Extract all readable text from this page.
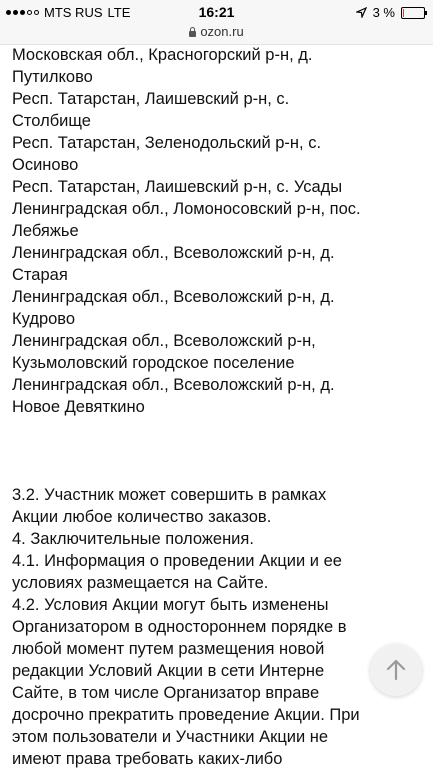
MTS RUS LTE	16:21	3 %
ozon.ru
Московская обл., Красногорский р-н, д.
Путилково
Респ. Татарстан, Лаишевский р-н, с.
Столбище
Респ. Татарстан, Зеленодольский р-н, с.
Осиново
Респ. Татарстан, Лаишевский р-н, с. Усады
Ленинградская обл., Ломоносовский р-н, пос.
Лебяжье
Ленинградская обл., Всеволожский р-н, д.
Старая
Ленинградская обл., Всеволожский р-н, д.
Кудрово
Ленинградская обл., Всеволожский р-н,
Кузьмоловский городское поселение
Ленинградская обл., Всеволожский р-н, д.
Новое Девяткино
3.2. Участник может совершить в рамках
Акции любое количество заказов.
4. Заключительные положения.
4.1. Информация о проведении Акции и ее
условиях размещается на Сайте.
4.2. Условия Акции могут быть изменены
Организатором в одностороннем порядке в
любой момент путем размещения новой
редакции Условий Акции в сети Интерне
Сайте, в том числе Организатор вправе
досрочно прекратить проведение Акции. При
этом пользователи и Участники Акции не
имеют права требовать каких-либо
